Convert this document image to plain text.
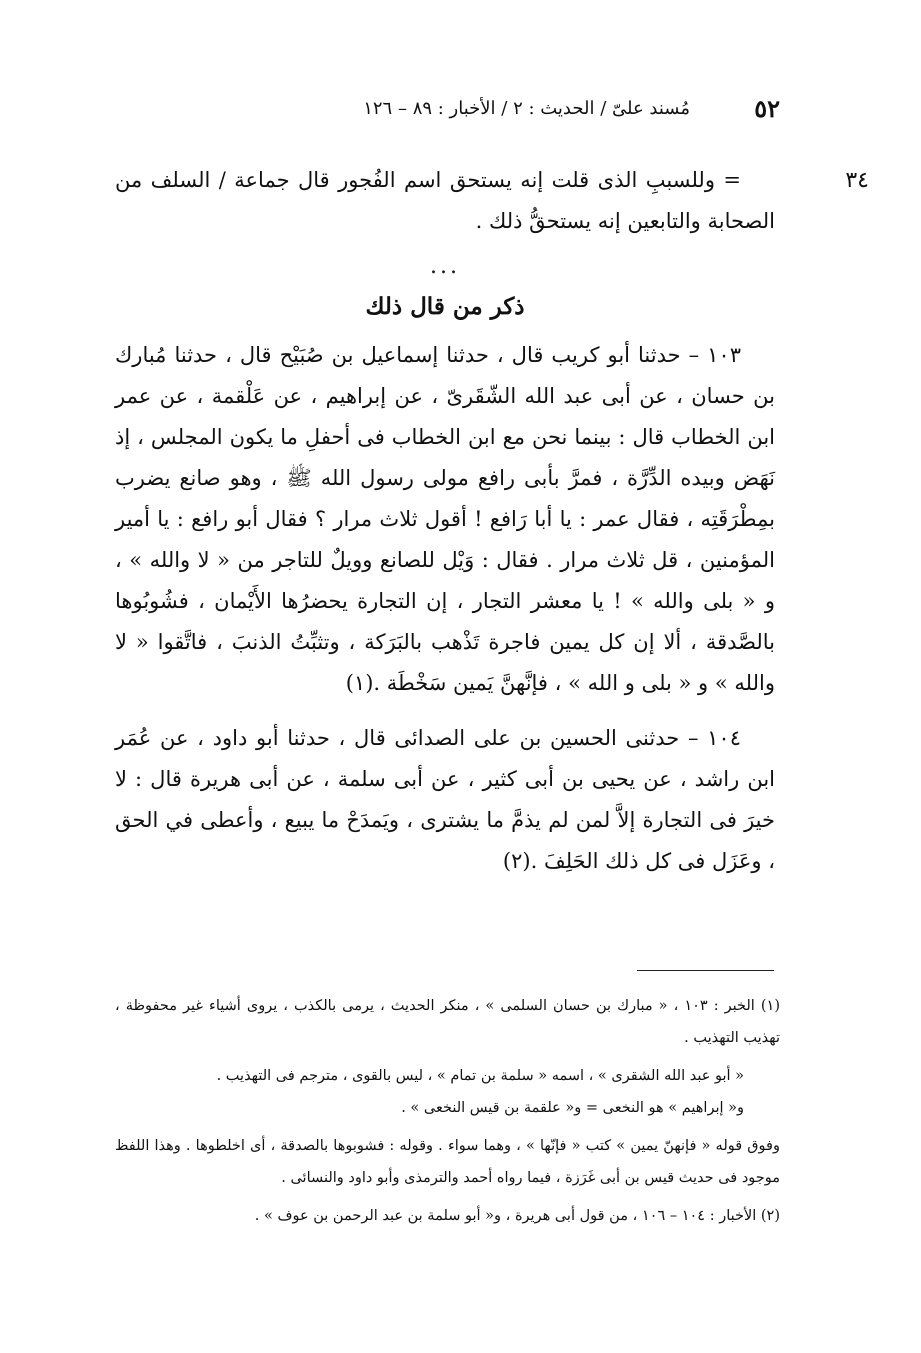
٥٢
مُسند علىّ / الحديث : ٢ / الأخبار : ٨٩ – ١٢٦
٣٤

= وللسببِ الذى قلت إنه يستحق اسم الفُجور قال جماعة / السلف من الصحابة والتابعين إنه يستحقُّ ذلك .

...

ذكر من قال ذلك

١٠٣ – حدثنا أبو كريب قال ، حدثنا إسماعيل بن صُبَيْح قال ، حدثنا مُبارك بن حسان ، عن أبى عبد الله الشّقَرىّ ، عن إبراهيم ، عن عَلْقمة ، عن عمر ابن الخطاب قال : بينما نحن مع ابن الخطاب فى أحفلِ ما يكون المجلس ، إذ نَهَض وبيده الدِّرَّة ، فمرَّ بأبى رافع مولى رسول الله ﷺ ، وهو صانع يضرب بمِطْرَقَتِه ، فقال عمر : يا أبا رَافع ! أقول ثلاث مرار ؟ فقال أبو رافع : يا أمير المؤمنين ، قل ثلاث مرار . فقال : وَيْل للصانع وويلٌ للتاجر من « لا والله » ، و « بلى والله » ! يا معشر التجار ، إن التجارة يحضرُها الأَيْمان ، فشُوبُوها بالصَّدقة ، ألا إن كل يمين فاجرة تَذْهب بالبَرَكة ، وتثبِّتُ الذنبَ ، فاتَّقوا « لا والله » و « بلى و الله » ، فإنَّهنَّ يَمين سَخْطَة .(١)

١٠٤ – حدثنى الحسين بن على الصدائى قال ، حدثنا أبو داود ، عن عُمَر ابن راشد ، عن يحيى بن أبى كثير ، عن أبى سلمة ، عن أبى هريرة قال : لا خيرَ فى التجارة إلاَّ لمن لم يذمَّ ما يشترى ، ويَمدَحْ ما يبيع ، وأعطى في الحق ، وعَزَل فى كل ذلك الحَلِفَ .(٢)

(١) الخبر : ١٠٣ ، « مبارك بن حسان السلمى » ، منكر الحديث ، يرمى بالكذب ، يروى أشياء غير محفوظة ، تهذيب التهذيب .

« أبو عبد الله الشقرى » ، اسمه « سلمة بن تمام » ، ليس بالقوى ، مترجم فى التهذيب .

و« إبراهيم » هو النخعى = و« علقمة بن قيس النخعى » .

وفوق قوله « فإنهنّ يمين » كتب « فإنّها » ، وهما سواء . وقوله : فشوبوها بالصدقة ، أى اخلطوها . وهذا اللفظ موجود فى حديث قيس بن أبى غَرَزة ، فيما رواه أحمد والترمذى وأبو داود والنسائى .

(٢) الأخبار : ١٠٤ – ١٠٦ ، من قول أبى هريرة ، و« أبو سلمة بن عبد الرحمن بن عوف » .
